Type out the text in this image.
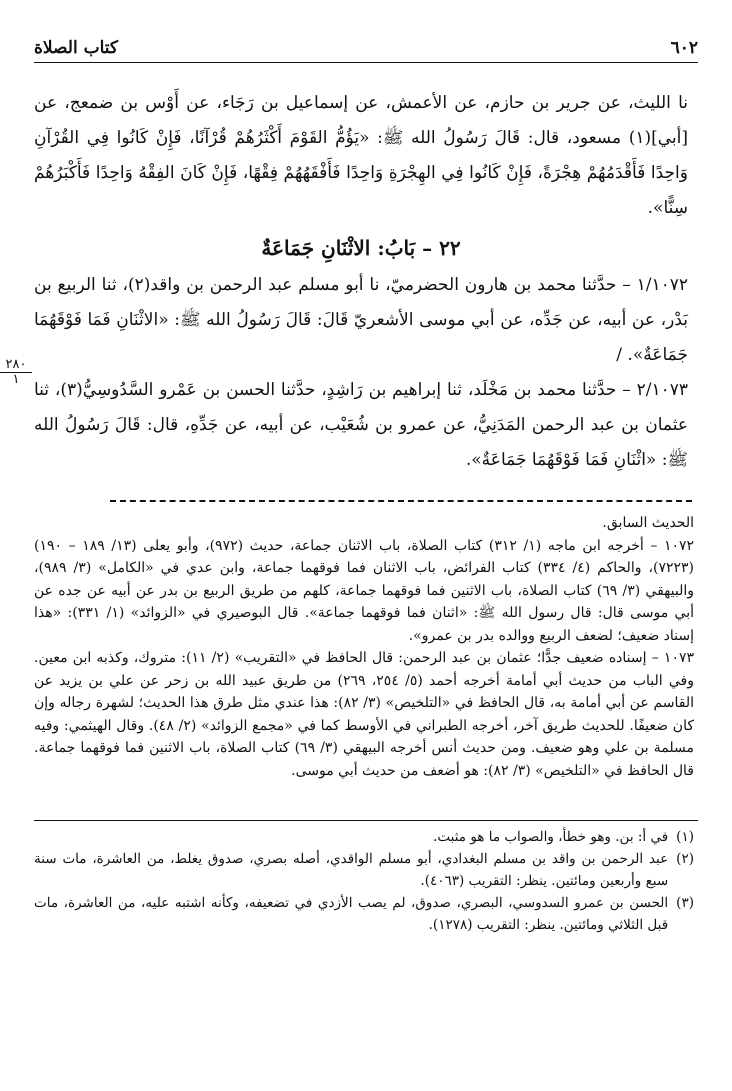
٦٠٢
كتاب الصلاة

نا الليث، عن جرير بن حازم، عن الأعمش، عن إسماعيل بن رَجَاء، عن أَوْس بن ضمعج، عن [أبي](١) مسعود، قال: قَالَ رَسُولُ الله ﷺ: «يَؤُمُّ القَوْمَ أَكْثَرُهُمْ قُرْآنًا، فَإِنْ كَانُوا فِي القُرْآنِ وَاحِدًا فَأَقْدَمُهُمْ هِجْرَةً، فَإِنْ كَانُوا فِي الهِجْرَةِ وَاحِدًا فَأَفْقَهُهُمْ فِقْهًا، فَإِنْ كَانَ الفِقْهُ وَاحِدًا فَأَكْبَرُهُمْ سِنًّا».

٢٢ – بَابُ: الاثْنَانِ جَمَاعَةٌ

١/١٠٧٢ – حدَّثنا محمد بن هارون الحضرميّ، نا أبو مسلم عبد الرحمن بن واقد(٢)، ثنا الربيع بن بَدْر، عن أبيه، عن جَدِّه، عن أبي موسى الأشعريّ قَالَ: قَالَ رَسُولُ الله ﷺ: «الاثْنَانِ فَمَا فَوْقَهُمَا جَمَاعَةٌ». /

٢/١٠٧٣ – حدَّثنا محمد بن مَخْلَد، ثنا إبراهيم بن رَاشِدٍ، حدَّثنا الحسن بن عَمْرو السَّدُوسِيُّ(٣)، ثنا عثمان بن عبد الرحمن المَدَنِيُّ، عن عمرو بن شُعَيْب، عن أبيه، عن جَدِّهِ، قال: قَالَ رَسُولُ الله ﷺ: «اثْنَانِ فَمَا فَوْقَهُمَا جَمَاعَةٌ».

٢٨٠
١

الحديث السابق.

١٠٧٢ – أخرجه ابن ماجه (١/ ٣١٢) كتاب الصلاة، باب الاثنان جماعة، حديث (٩٧٢)، وأبو يعلى (١٣/ ١٨٩ – ١٩٠) (٧٢٢٣)، والحاكم (٤/ ٣٣٤) كتاب الفرائض، باب الاثنان فما فوقهما جماعة، وابن عدي في «الكامل» (٣/ ٩٨٩)، والبيهقي (٣/ ٦٩) كتاب الصلاة، باب الاثنين فما فوقهما جماعة، كلهم من طريق الربيع بن بدر عن أبيه عن جده عن أبي موسى قال: قال رسول الله ﷺ: «اثنان فما فوقهما جماعة». قال البوصيري في «الزوائد» (١/ ٣٣١): «هذا إسناد ضعيف؛ لضعف الربيع ووالده بدر بن عمرو».

١٠٧٣ – إسناده ضعيف جدًّا؛ عثمان بن عبد الرحمن: قال الحافظ في «التقريب» (٢/ ١١): متروك، وكذبه ابن معين. وفي الباب من حديث أبي أمامة أخرجه أحمد (٥/ ٢٥٤، ٢٦٩) من طريق عبيد الله بن زحر عن علي بن يزيد عن القاسم عن أبي أمامة به، قال الحافظ في «التلخيص» (٣/ ٨٢): هذا عندي مثل طرق هذا الحديث؛ لشهرة رجاله وإن كان ضعيفًا. للحديث طريق آخر، أخرجه الطبراني في الأوسط كما في «مجمع الزوائد» (٢/ ٤٨). وقال الهيثمي: وفيه مسلمة بن علي وهو ضعيف. ومن حديث أنس أخرجه البيهقي (٣/ ٦٩) كتاب الصلاة، باب الاثنين فما فوقهما جماعة. قال الحافظ في «التلخيص» (٣/ ٨٢): هو أضعف من حديث أبي موسى.

(١)
في أ: بن. وهو خطأ، والصواب ما هو مثبت.
(٢)
عبد الرحمن بن واقد بن مسلم البغدادي، أبو مسلم الواقدي، أصله بصري، صدوق يغلط، من العاشرة، مات سنة سبع وأربعين ومائتين. ينظر: التقريب (٤٠٦٣).
(٣)
الحسن بن عمرو السدوسي، البصري، صدوق، لم يصب الأزدي في تضعيفه، وكأنه اشتبه عليه، من العاشرة، مات قبل الثلاثي ومائتين. ينظر: التقريب (١٢٧٨).
